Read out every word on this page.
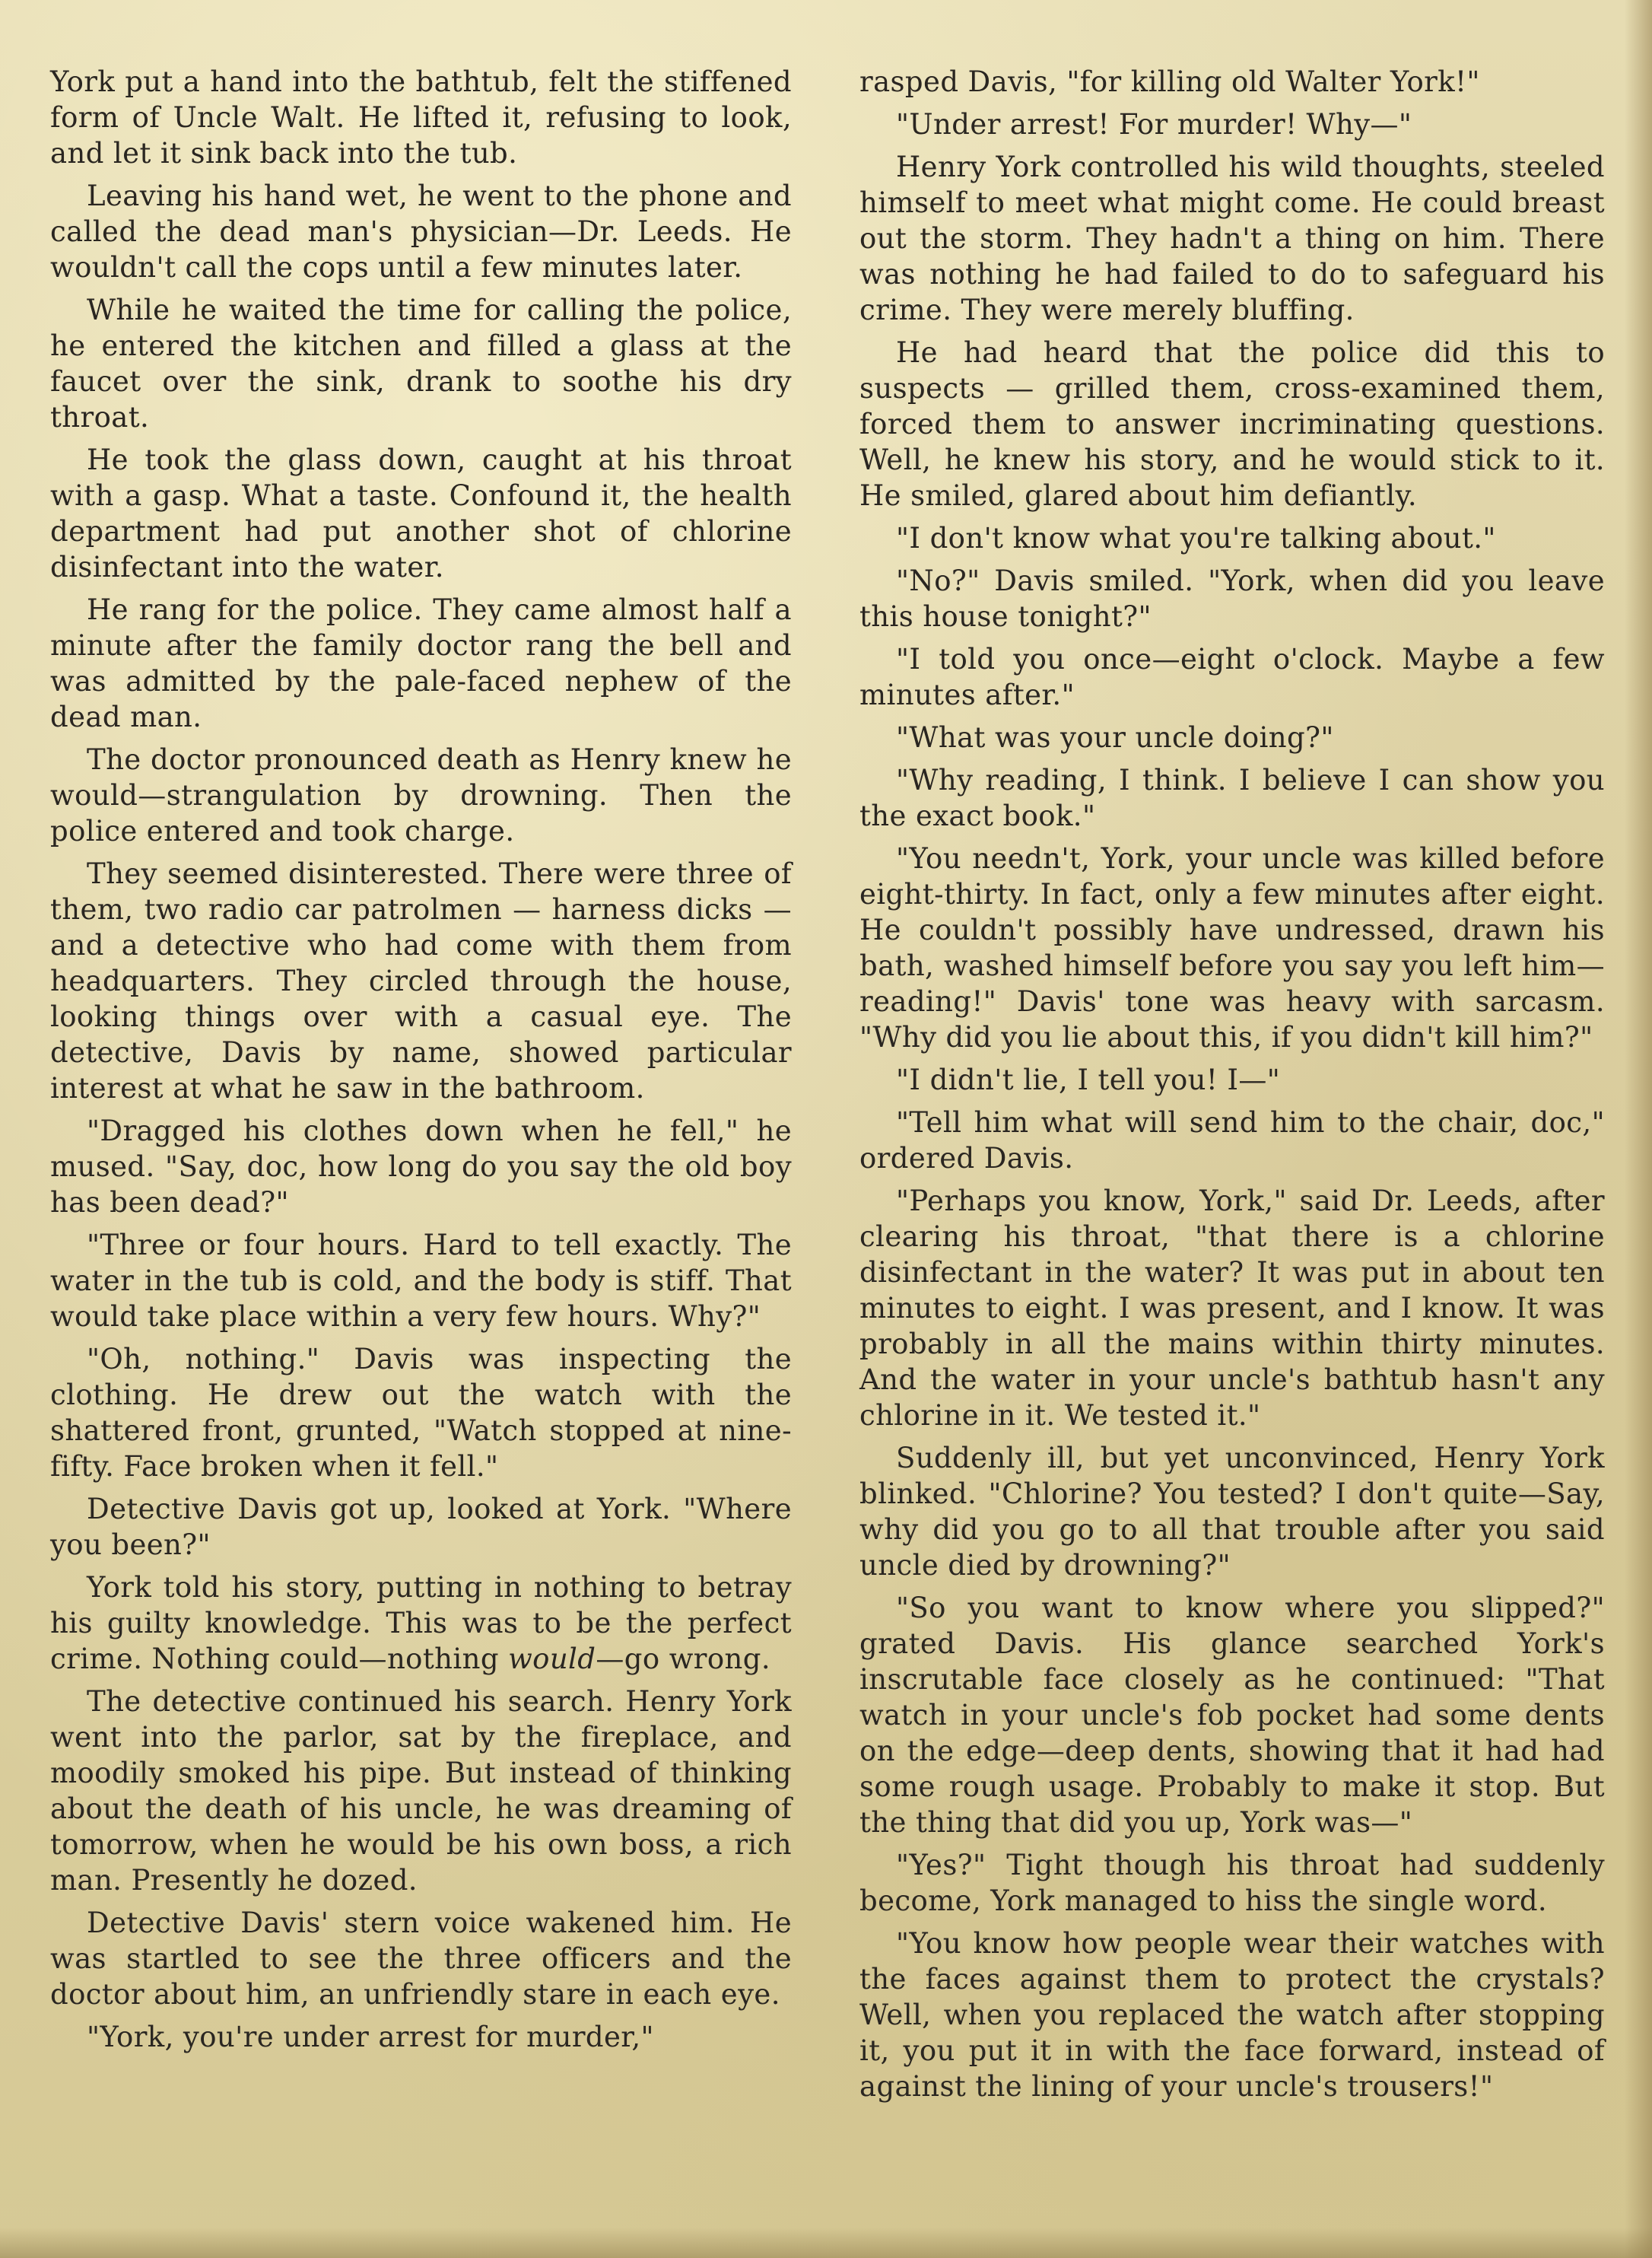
York put a hand into the bathtub, felt the stiffened form of Uncle Walt. He lifted it, refusing to look, and let it sink back into the tub.

Leaving his hand wet, he went to the phone and called the dead man's physician—Dr. Leeds. He wouldn't call the cops until a few minutes later.

While he waited the time for calling the police, he entered the kitchen and filled a glass at the faucet over the sink, drank to soothe his dry throat.

He took the glass down, caught at his throat with a gasp. What a taste. Confound it, the health department had put another shot of chlorine disinfectant into the water.

He rang for the police. They came almost half a minute after the family doctor rang the bell and was admitted by the pale-faced nephew of the dead man.

The doctor pronounced death as Henry knew he would—strangulation by drowning. Then the police entered and took charge.

They seemed disinterested. There were three of them, two radio car patrolmen — harness dicks — and a detective who had come with them from headquarters. They circled through the house, looking things over with a casual eye. The detective, Davis by name, showed particular interest at what he saw in the bathroom.

"Dragged his clothes down when he fell," he mused. "Say, doc, how long do you say the old boy has been dead?"

"Three or four hours. Hard to tell exactly. The water in the tub is cold, and the body is stiff. That would take place within a very few hours. Why?"

"Oh, nothing." Davis was inspecting the clothing. He drew out the watch with the shattered front, grunted, "Watch stopped at nine-fifty. Face broken when it fell."

Detective Davis got up, looked at York. "Where you been?"

York told his story, putting in nothing to betray his guilty knowledge. This was to be the perfect crime. Nothing could—nothing would—go wrong.

The detective continued his search. Henry York went into the parlor, sat by the fireplace, and moodily smoked his pipe. But instead of thinking about the death of his uncle, he was dreaming of tomorrow, when he would be his own boss, a rich man. Presently he dozed.

Detective Davis' stern voice wakened him. He was startled to see the three officers and the doctor about him, an unfriendly stare in each eye.

"York, you're under arrest for murder,"

rasped Davis, "for killing old Walter York!"

"Under arrest! For murder! Why—"

Henry York controlled his wild thoughts, steeled himself to meet what might come. He could breast out the storm. They hadn't a thing on him. There was nothing he had failed to do to safeguard his crime. They were merely bluffing.

He had heard that the police did this to suspects — grilled them, cross-examined them, forced them to answer incriminating questions. Well, he knew his story, and he would stick to it. He smiled, glared about him defiantly.

"I don't know what you're talking about."

"No?" Davis smiled. "York, when did you leave this house tonight?"

"I told you once—eight o'clock. Maybe a few minutes after."

"What was your uncle doing?"

"Why reading, I think. I believe I can show you the exact book."

"You needn't, York, your uncle was killed before eight-thirty. In fact, only a few minutes after eight. He couldn't possibly have undressed, drawn his bath, washed himself before you say you left him—reading!" Davis' tone was heavy with sarcasm. "Why did you lie about this, if you didn't kill him?"

"I didn't lie, I tell you! I—"

"Tell him what will send him to the chair, doc," ordered Davis.

"Perhaps you know, York," said Dr. Leeds, after clearing his throat, "that there is a chlorine disinfectant in the water? It was put in about ten minutes to eight. I was present, and I know. It was probably in all the mains within thirty minutes. And the water in your uncle's bathtub hasn't any chlorine in it. We tested it."

Suddenly ill, but yet unconvinced, Henry York blinked. "Chlorine? You tested? I don't quite—Say, why did you go to all that trouble after you said uncle died by drowning?"

"So you want to know where you slipped?" grated Davis. His glance searched York's inscrutable face closely as he continued: "That watch in your uncle's fob pocket had some dents on the edge—deep dents, showing that it had had some rough usage. Probably to make it stop. But the thing that did you up, York was—"

"Yes?" Tight though his throat had suddenly become, York managed to hiss the single word.

"You know how people wear their watches with the faces against them to protect the crystals? Well, when you replaced the watch after stopping it, you put it in with the face forward, instead of against the lining of your uncle's trousers!"
